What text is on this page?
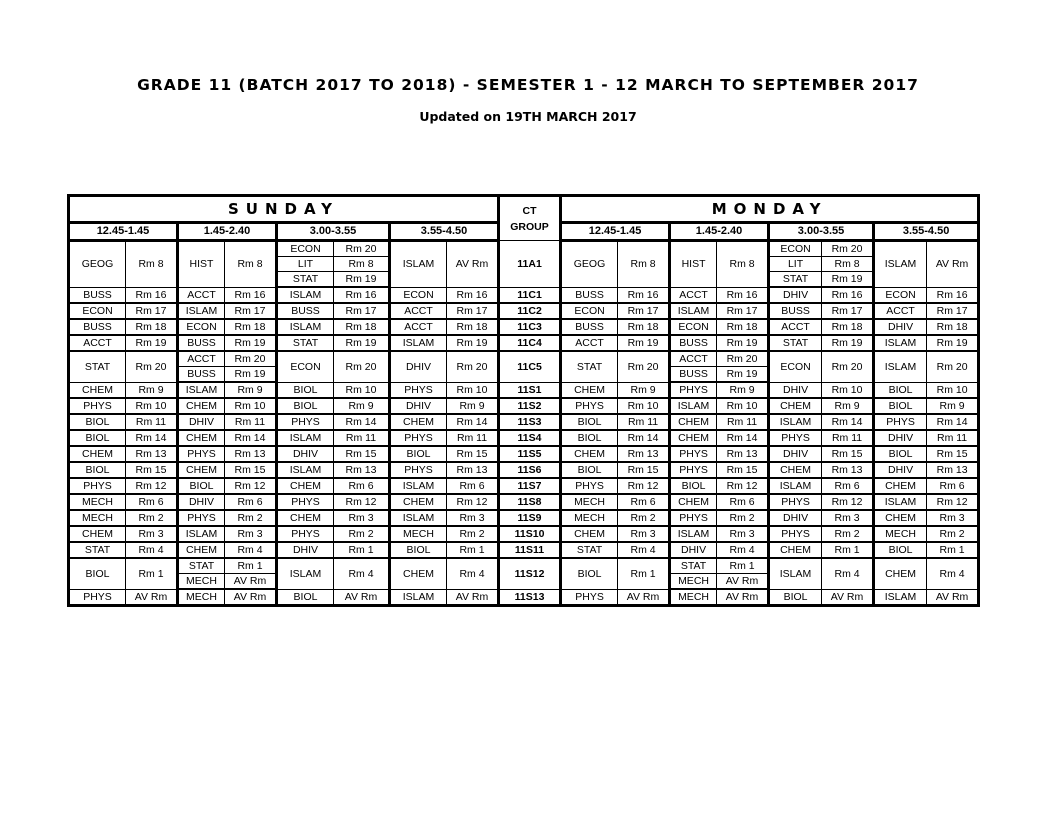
GRADE 11 (BATCH 2017 TO 2018) - SEMESTER 1 - 12 MARCH TO SEPTEMBER 2017
Updated on 19TH MARCH 2017
SUNDAY								CT
GROUP	MONDAY							
12.45-1.45		1.45-2.40		3.00-3.55		3.55-4.50			12.45-1.45		1.45-2.40		3.00-3.55		3.55-4.50	
GEOG	Rm 8	HIST	Rm 8	ECON	Rm 20	ISLAM	AV Rm	11A1	GEOG	Rm 8	HIST	Rm 8	ECON	Rm 20	ISLAM	AV Rm
				LIT	Rm 8								LIT	Rm 8		
				STAT	Rm 19								STAT	Rm 19		
BUSS	Rm 16	ACCT	Rm 16	ISLAM	Rm 16	ECON	Rm 16	11C1	BUSS	Rm 16	ACCT	Rm 16	DHIV	Rm 16	ECON	Rm 16
ECON	Rm 17	ISLAM	Rm 17	BUSS	Rm 17	ACCT	Rm 17	11C2	ECON	Rm 17	ISLAM	Rm 17	BUSS	Rm 17	ACCT	Rm 17
BUSS	Rm 18	ECON	Rm 18	ISLAM	Rm 18	ACCT	Rm 18	11C3	BUSS	Rm 18	ECON	Rm 18	ACCT	Rm 18	DHIV	Rm 18
ACCT	Rm 19	BUSS	Rm 19	STAT	Rm 19	ISLAM	Rm 19	11C4	ACCT	Rm 19	BUSS	Rm 19	STAT	Rm 19	ISLAM	Rm 19
STAT	Rm 20	ACCT	Rm 20	ECON	Rm 20	DHIV	Rm 20	11C5	STAT	Rm 20	ACCT	Rm 20	ECON	Rm 20	ISLAM	Rm 20
		BUSS	Rm 19								BUSS	Rm 19				
CHEM	Rm 9	ISLAM	Rm 9	BIOL	Rm 10	PHYS	Rm 10	11S1	CHEM	Rm 9	PHYS	Rm 9	DHIV	Rm 10	BIOL	Rm 10
PHYS	Rm 10	CHEM	Rm 10	BIOL	Rm 9	DHIV	Rm 9	11S2	PHYS	Rm 10	ISLAM	Rm 10	CHEM	Rm 9	BIOL	Rm 9
BIOL	Rm 11	DHIV	Rm 11	PHYS	Rm 14	CHEM	Rm 14	11S3	BIOL	Rm 11	CHEM	Rm 11	ISLAM	Rm 14	PHYS	Rm 14
BIOL	Rm 14	CHEM	Rm 14	ISLAM	Rm 11	PHYS	Rm 11	11S4	BIOL	Rm 14	CHEM	Rm 14	PHYS	Rm 11	DHIV	Rm 11
CHEM	Rm 13	PHYS	Rm 13	DHIV	Rm 15	BIOL	Rm 15	11S5	CHEM	Rm 13	PHYS	Rm 13	DHIV	Rm 15	BIOL	Rm 15
BIOL	Rm 15	CHEM	Rm 15	ISLAM	Rm 13	PHYS	Rm 13	11S6	BIOL	Rm 15	PHYS	Rm 15	CHEM	Rm 13	DHIV	Rm 13
PHYS	Rm 12	BIOL	Rm 12	CHEM	Rm 6	ISLAM	Rm 6	11S7	PHYS	Rm 12	BIOL	Rm 12	ISLAM	Rm 6	CHEM	Rm 6
MECH	Rm 6	DHIV	Rm 6	PHYS	Rm 12	CHEM	Rm 12	11S8	MECH	Rm 6	CHEM	Rm 6	PHYS	Rm 12	ISLAM	Rm 12
MECH	Rm 2	PHYS	Rm 2	CHEM	Rm 3	ISLAM	Rm 3	11S9	MECH	Rm 2	PHYS	Rm 2	DHIV	Rm 3	CHEM	Rm 3
CHEM	Rm 3	ISLAM	Rm 3	PHYS	Rm 2	MECH	Rm 2	11S10	CHEM	Rm 3	ISLAM	Rm 3	PHYS	Rm 2	MECH	Rm 2
STAT	Rm 4	CHEM	Rm 4	DHIV	Rm 1	BIOL	Rm 1	11S11	STAT	Rm 4	DHIV	Rm 4	CHEM	Rm 1	BIOL	Rm 1
BIOL	Rm 1	STAT	Rm 1	ISLAM	Rm 4	CHEM	Rm 4	11S12	BIOL	Rm 1	STAT	Rm 1	ISLAM	Rm 4	CHEM	Rm 4
		MECH	AV Rm								MECH	AV Rm				
PHYS	AV Rm	MECH	AV Rm	BIOL	AV Rm	ISLAM	AV Rm	11S13	PHYS	AV Rm	MECH	AV Rm	BIOL	AV Rm	ISLAM	AV Rm
